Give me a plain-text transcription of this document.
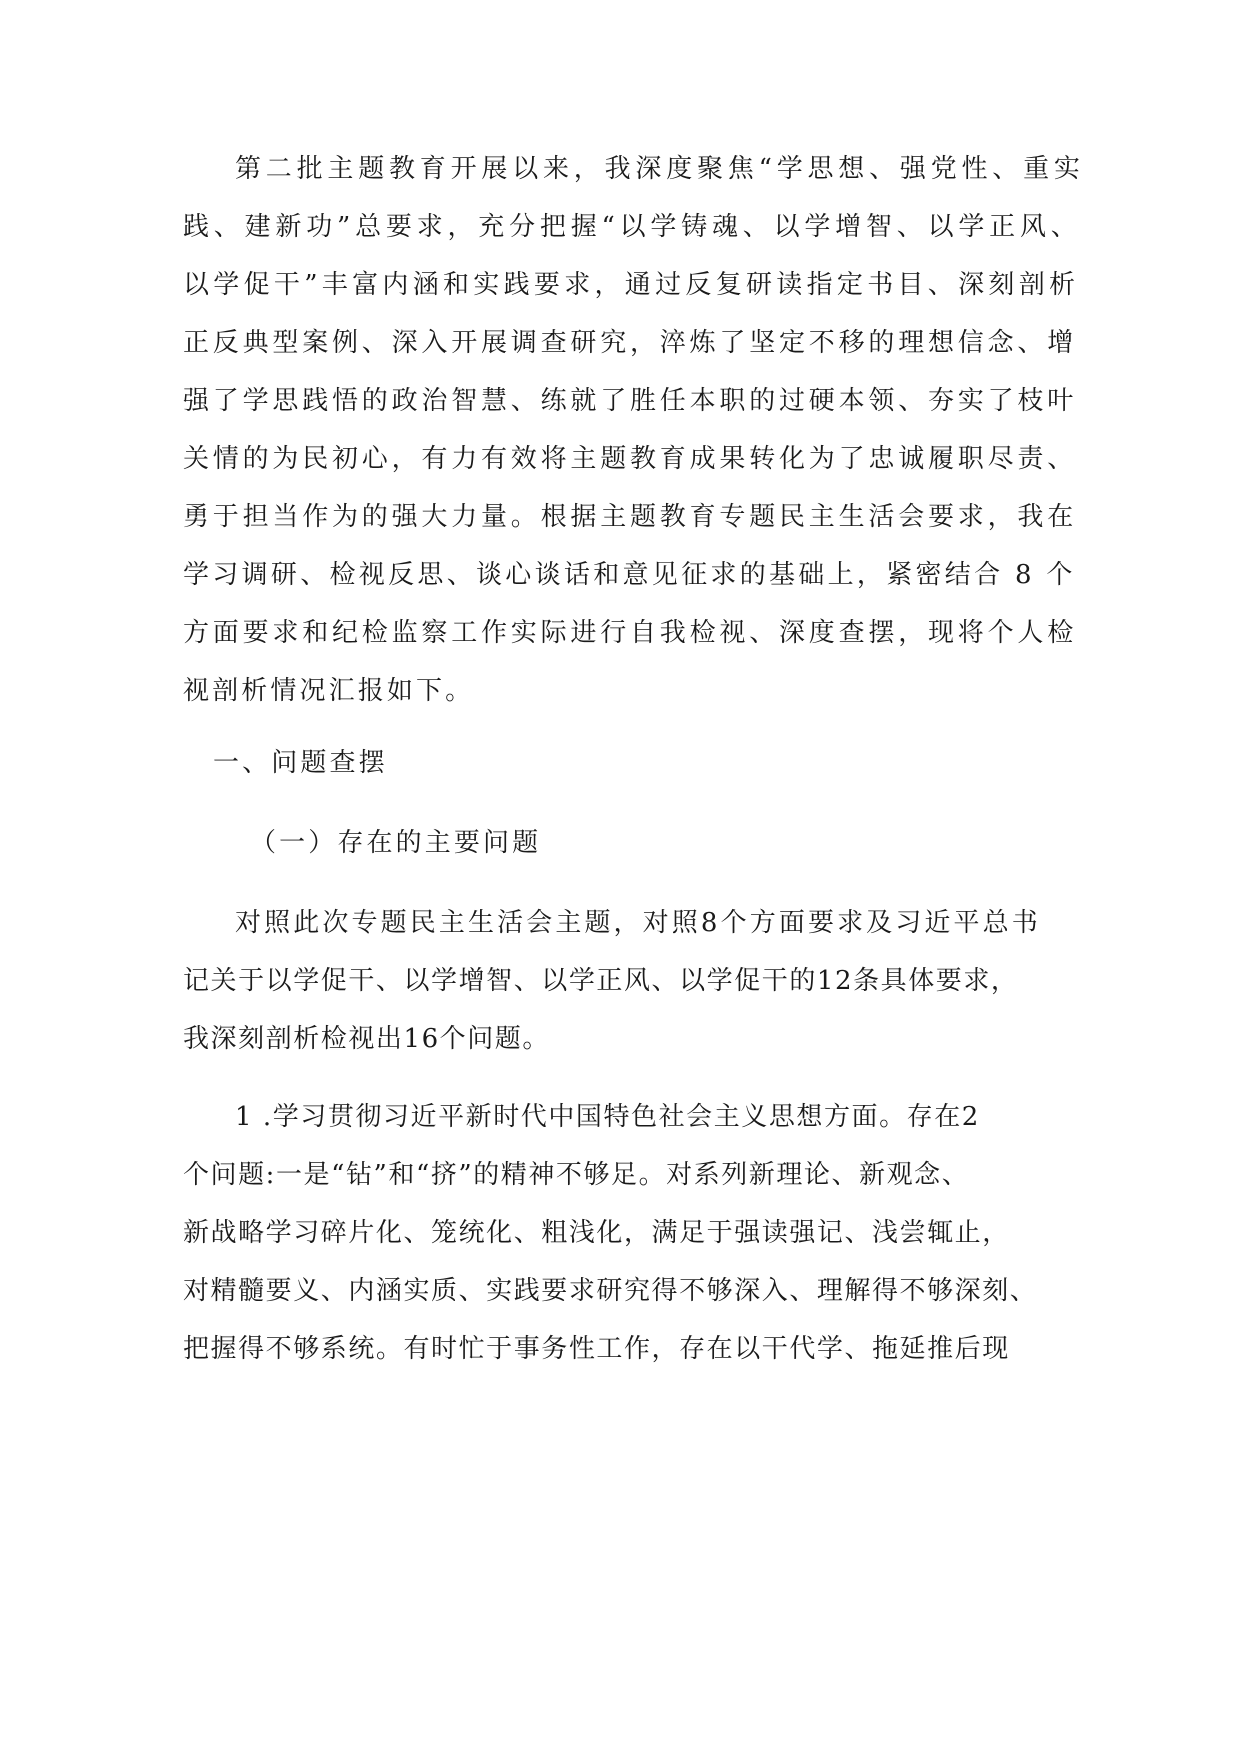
第二批主题教育开展以来，我深度聚焦“学思想、强党性、重实

践、建新功”总要求，充分把握“以学铸魂、以学增智、以学正风、

以学促干”丰富内涵和实践要求，通过反复研读指定书目、深刻剖析

正反典型案例、深入开展调查研究，淬炼了坚定不移的理想信念、增

强了学思践悟的政治智慧、练就了胜任本职的过硬本领、夯实了枝叶

关情的为民初心，有力有效将主题教育成果转化为了忠诚履职尽责、

勇于担当作为的强大力量。根据主题教育专题民主生活会要求，我在

学习调研、检视反思、谈心谈话和意见征求的基础上，紧密结合 8 个

方面要求和纪检监察工作实际进行自我检视、深度查摆，现将个人检

视剖析情况汇报如下。

一、问题查摆

（一）存在的主要问题

对照此次专题民主生活会主题，对照8个方面要求及习近平总书

记关于以学促干、以学增智、以学正风、以学促干的12条具体要求，

我深刻剖析检视出16个问题。

1 .学习贯彻习近平新时代中国特色社会主义思想方面。存在2

个问题:一是“钻”和“挤”的精神不够足。对系列新理论、新观念、

新战略学习碎片化、笼统化、粗浅化，满足于强读强记、浅尝辄止，

对精髓要义、内涵实质、实践要求研究得不够深入、理解得不够深刻、

把握得不够系统。有时忙于事务性工作，存在以干代学、拖延推后现
